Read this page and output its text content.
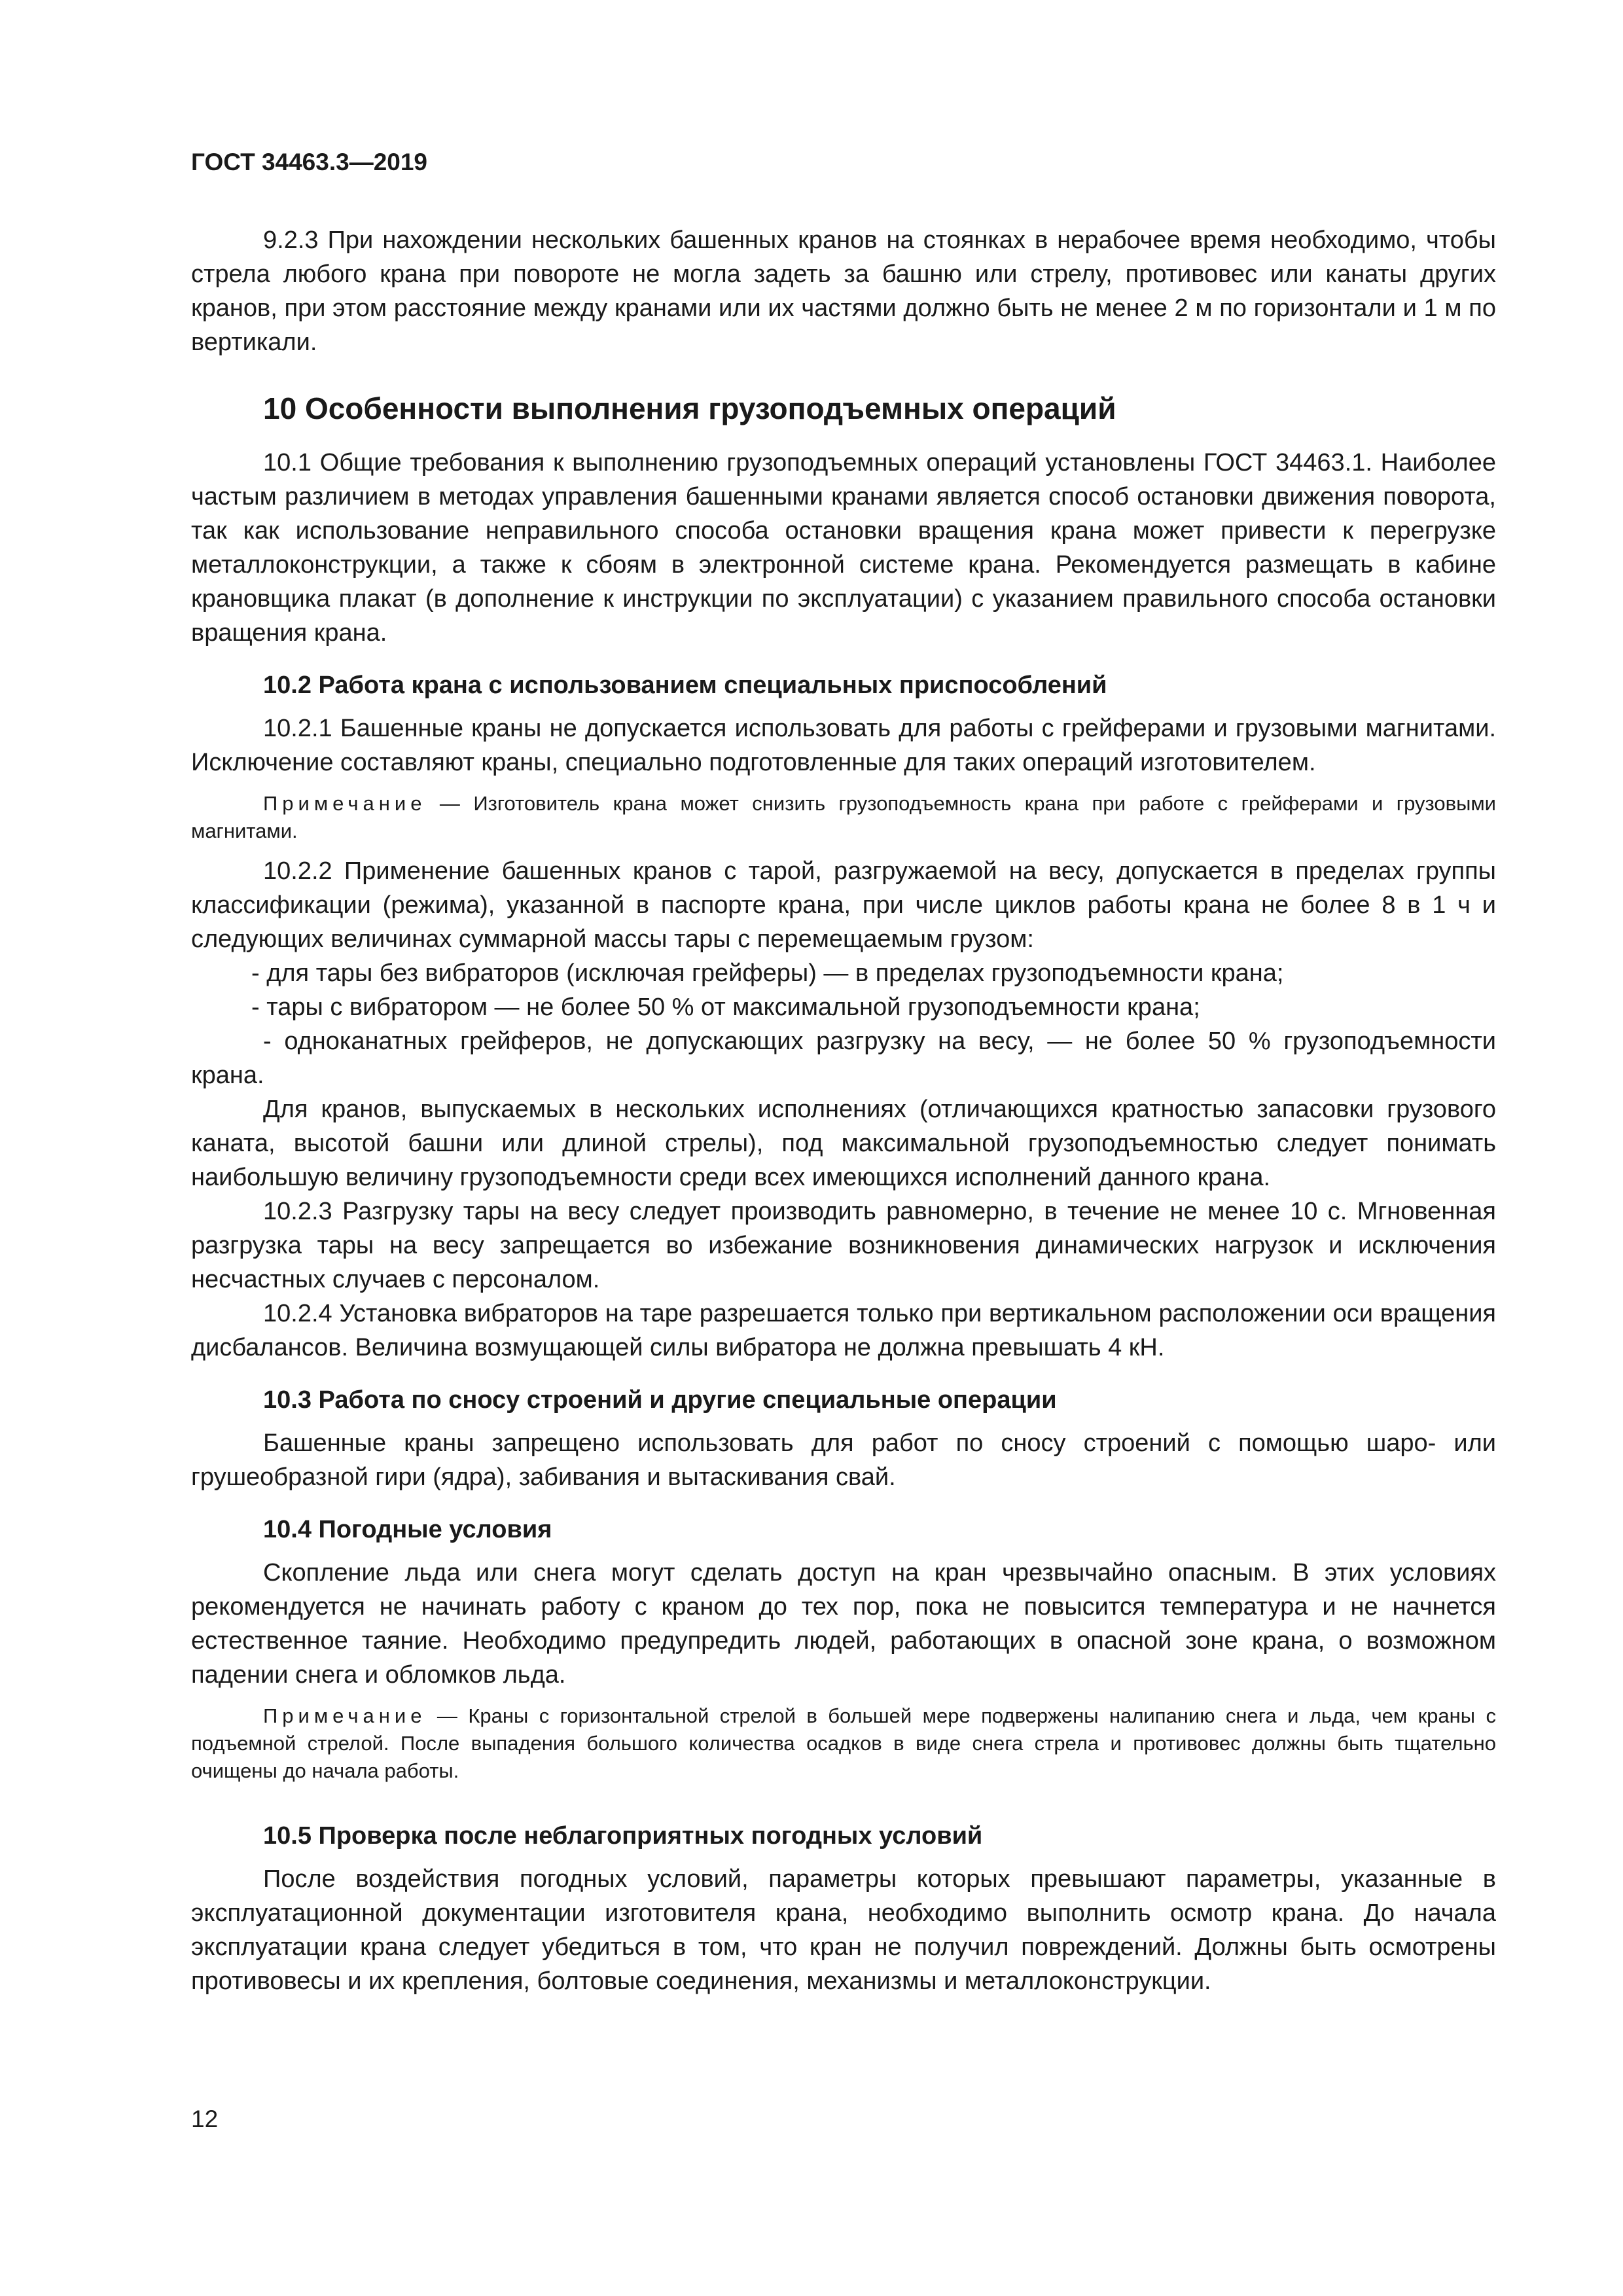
ГОСТ 34463.3—2019

9.2.3 При нахождении нескольких башенных кранов на стоянках в нерабочее время необходимо, чтобы стрела любого крана при повороте не могла задеть за башню или стрелу, противовес или канаты других кранов, при этом расстояние между кранами или их частями должно быть не менее 2 м по горизонтали и 1 м по вертикали.

10 Особенности выполнения грузоподъемных операций

10.1 Общие требования к выполнению грузоподъемных операций установлены ГОСТ 34463.1. Наиболее частым различием в методах управления башенными кранами является способ остановки движения поворота, так как использование неправильного способа остановки вращения крана может привести к перегрузке металлоконструкции, а также к сбоям в электронной системе крана. Рекомендуется размещать в кабине крановщика плакат (в дополнение к инструкции по эксплуатации) с указанием правильного способа остановки вращения крана.

10.2 Работа крана с использованием специальных приспособлений

10.2.1 Башенные краны не допускается использовать для работы с грейферами и грузовыми магнитами. Исключение составляют краны, специально подготовленные для таких операций изготовителем.

Примечание — Изготовитель крана может снизить грузоподъемность крана при работе с грейферами и грузовыми магнитами.

10.2.2 Применение башенных кранов с тарой, разгружаемой на весу, допускается в пределах группы классификации (режима), указанной в паспорте крана, при числе циклов работы крана не более 8 в 1 ч и следующих величинах суммарной массы тары с перемещаемым грузом:

- для тары без вибраторов (исключая грейферы) — в пределах грузоподъемности крана;

- тары с вибратором — не более 50 % от максимальной грузоподъемности крана;

- одноканатных грейферов, не допускающих разгрузку на весу, — не более 50 % грузоподъемности крана.

Для кранов, выпускаемых в нескольких исполнениях (отличающихся кратностью запасовки грузового каната, высотой башни или длиной стрелы), под максимальной грузоподъемностью следует понимать наибольшую величину грузоподъемности среди всех имеющихся исполнений данного крана.

10.2.3 Разгрузку тары на весу следует производить равномерно, в течение не менее 10 с. Мгновенная разгрузка тары на весу запрещается во избежание возникновения динамических нагрузок и исключения несчастных случаев с персоналом.

10.2.4 Установка вибраторов на таре разрешается только при вертикальном расположении оси вращения дисбалансов. Величина возмущающей силы вибратора не должна превышать 4 кН.

10.3 Работа по сносу строений и другие специальные операции

Башенные краны запрещено использовать для работ по сносу строений с помощью шаро- или грушеобразной гири (ядра), забивания и вытаскивания свай.

10.4 Погодные условия

Скопление льда или снега могут сделать доступ на кран чрезвычайно опасным. В этих условиях рекомендуется не начинать работу с краном до тех пор, пока не повысится температура и не начнется естественное таяние. Необходимо предупредить людей, работающих в опасной зоне крана, о возможном падении снега и обломков льда.

Примечание — Краны с горизонтальной стрелой в большей мере подвержены налипанию снега и льда, чем краны с подъемной стрелой. После выпадения большого количества осадков в виде снега стрела и противовес должны быть тщательно очищены до начала работы.
10.5 Проверка после неблагоприятных погодных условий

После воздействия погодных условий, параметры которых превышают параметры, указанные в эксплуатационной документации изготовителя крана, необходимо выполнить осмотр крана. До начала эксплуатации крана следует убедиться в том, что кран не получил повреждений. Должны быть осмотрены противовесы и их крепления, болтовые соединения, механизмы и металлоконструкции.

12
